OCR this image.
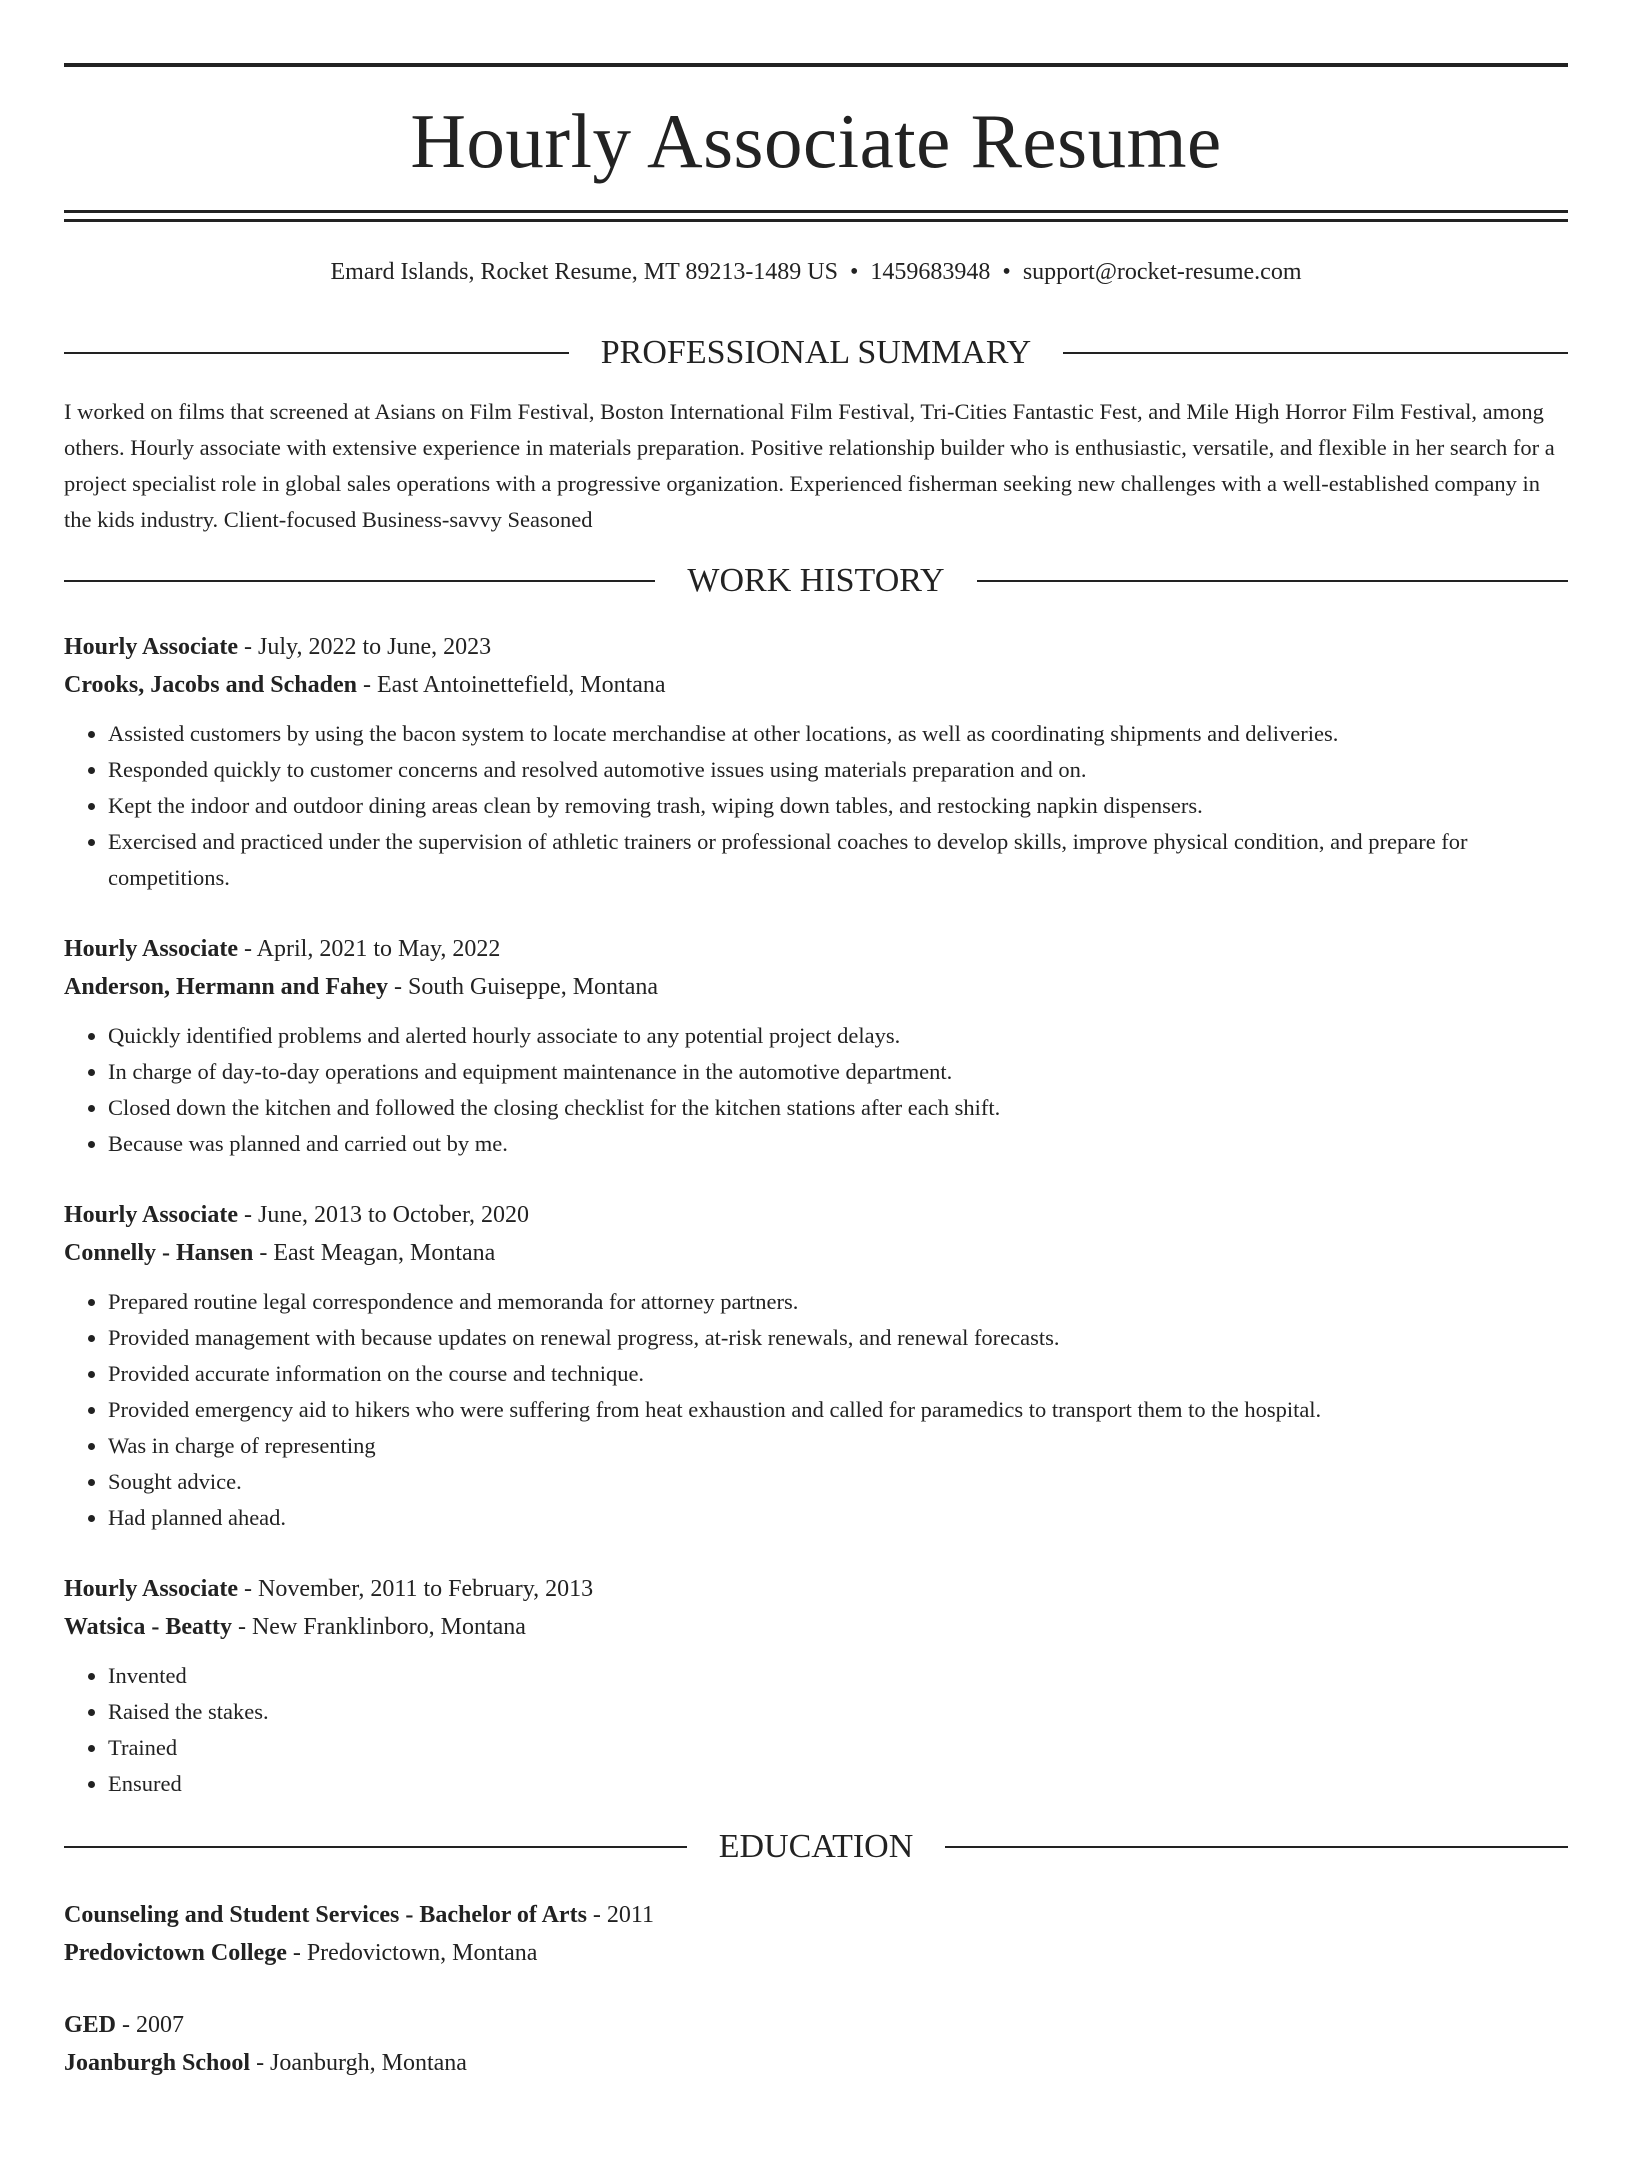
Hourly Associate Resume
Emard Islands, Rocket Resume, MT 89213-1489 US • 1459683948 • support@rocket-resume.com
PROFESSIONAL SUMMARY
I worked on films that screened at Asians on Film Festival, Boston International Film Festival, Tri-Cities Fantastic Fest, and Mile High Horror Film Festival, among others. Hourly associate with extensive experience in materials preparation. Positive relationship builder who is enthusiastic, versatile, and flexible in her search for a project specialist role in global sales operations with a progressive organization. Experienced fisherman seeking new challenges with a well-established company in the kids industry. Client-focused Business-savvy Seasoned
WORK HISTORY
Hourly Associate - July, 2022 to June, 2023
Crooks, Jacobs and Schaden - East Antoinettefield, Montana
• Assisted customers by using the bacon system to locate merchandise at other locations, as well as coordinating shipments and deliveries.
• Responded quickly to customer concerns and resolved automotive issues using materials preparation and on.
• Kept the indoor and outdoor dining areas clean by removing trash, wiping down tables, and restocking napkin dispensers.
• Exercised and practiced under the supervision of athletic trainers or professional coaches to develop skills, improve physical condition, and prepare for competitions.
Hourly Associate - April, 2021 to May, 2022
Anderson, Hermann and Fahey - South Guiseppe, Montana
• Quickly identified problems and alerted hourly associate to any potential project delays.
• In charge of day-to-day operations and equipment maintenance in the automotive department.
• Closed down the kitchen and followed the closing checklist for the kitchen stations after each shift.
• Because was planned and carried out by me.
Hourly Associate - June, 2013 to October, 2020
Connelly - Hansen - East Meagan, Montana
• Prepared routine legal correspondence and memoranda for attorney partners.
• Provided management with because updates on renewal progress, at-risk renewals, and renewal forecasts.
• Provided accurate information on the course and technique.
• Provided emergency aid to hikers who were suffering from heat exhaustion and called for paramedics to transport them to the hospital.
• Was in charge of representing
• Sought advice.
• Had planned ahead.
Hourly Associate - November, 2011 to February, 2013
Watsica - Beatty - New Franklinboro, Montana
• Invented
• Raised the stakes.
• Trained
• Ensured
EDUCATION
Counseling and Student Services - Bachelor of Arts - 2011
Predovictown College - Predovictown, Montana
GED - 2007
Joanburgh School - Joanburgh, Montana
